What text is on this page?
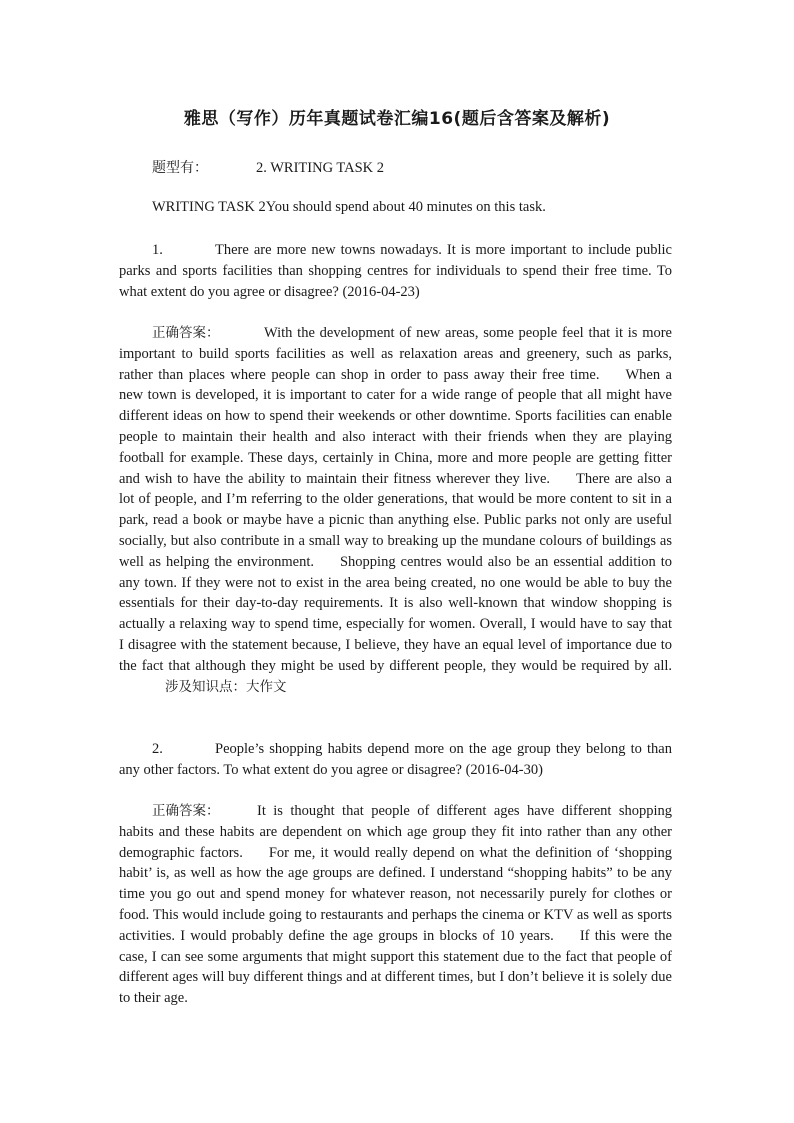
雅思（写作）历年真题试卷汇编16(题后含答案及解析)
题型有：	2. WRITING TASK 2
WRITING TASK 2You should spend about 40 minutes on this task.
1.	There are more new towns nowadays. It is more important to include public parks and sports facilities than shopping centres for individuals to spend their free time. To what extent do you agree or disagree? (2016-04-23)
正确答案：	With the development of new areas, some people feel that it is more important to build sports facilities as well as relaxation areas and greenery, such as parks, rather than places where people can shop in order to pass away their free time. When a new town is developed, it is important to cater for a wide range of people that all might have different ideas on how to spend their weekends or other downtime. Sports facilities can enable people to maintain their health and also interact with their friends when they are playing football for example. These days, certainly in China, more and more people are getting fitter and wish to have the ability to maintain their fitness wherever they live. There are also a lot of people, and I’m referring to the older generations, that would be more content to sit in a park, read a book or maybe have a picnic than anything else. Public parks not only are useful socially, but also contribute in a small way to breaking up the mundane colours of buildings as well as helping the environment. Shopping centres would also be an essential addition to any town. If they were not to exist in the area being created, no one would be able to buy the essentials for their day-to-day requirements. It is also well-known that window shopping is actually a relaxing way to spend time, especially for women. Overall, I would have to say that I disagree with the statement because, I believe, they have an equal level of importance due to the fact that although they might be used by different people, they would be required by all.涉及知识点：大作文
2.	People’s shopping habits depend more on the age group they belong to than any other factors. To what extent do you agree or disagree? (2016-04-30)
正确答案：	It is thought that people of different ages have different shopping habits and these habits are dependent on which age group they fit into rather than any other demographic factors. For me, it would really depend on what the definition of ‘shopping habit’ is, as well as how the age groups are defined. I understand “shopping habits” to be any time you go out and spend money for whatever reason, not necessarily purely for clothes or food. This would include going to restaurants and perhaps the cinema or KTV as well as sports activities. I would probably define the age groups in blocks of 10 years. If this were the case, I can see some arguments that might support this statement due to the fact that people of different ages will buy different things and at different times, but I don’t believe it is solely due to their age.
